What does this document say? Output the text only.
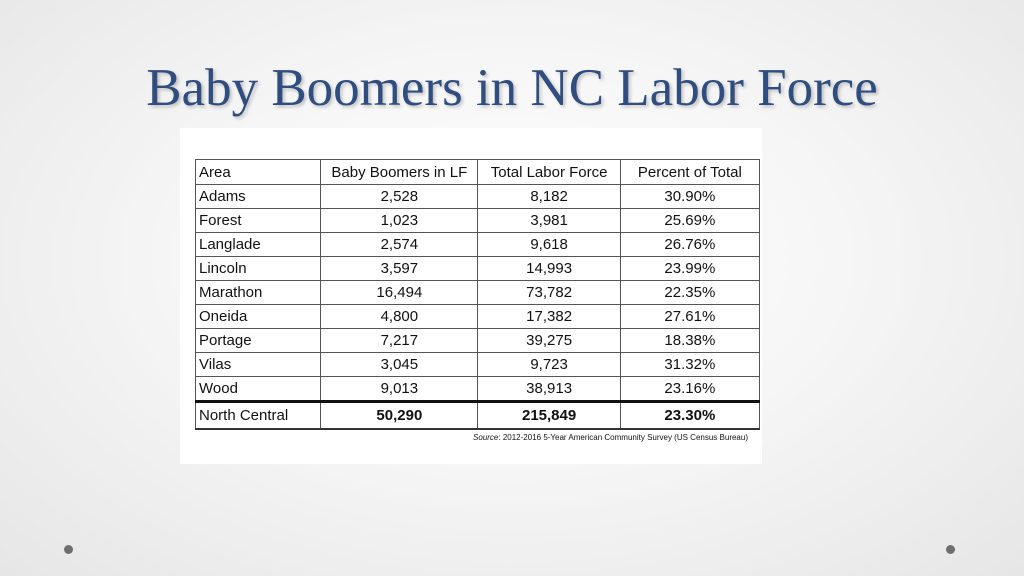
Baby Boomers in NC Labor Force
Area	Baby Boomers in LF	Total Labor Force	Percent of Total
Adams	2,528	8,182	30.90%
Forest	1,023	3,981	25.69%
Langlade	2,574	9,618	26.76%
Lincoln	3,597	14,993	23.99%
Marathon	16,494	73,782	22.35%
Oneida	4,800	17,382	27.61%
Portage	7,217	39,275	18.38%
Vilas	3,045	9,723	31.32%
Wood	9,013	38,913	23.16%
North Central	50,290	215,849	23.30%
Source: 2012-2016 5-Year American Community Survey (US Census Bureau)
